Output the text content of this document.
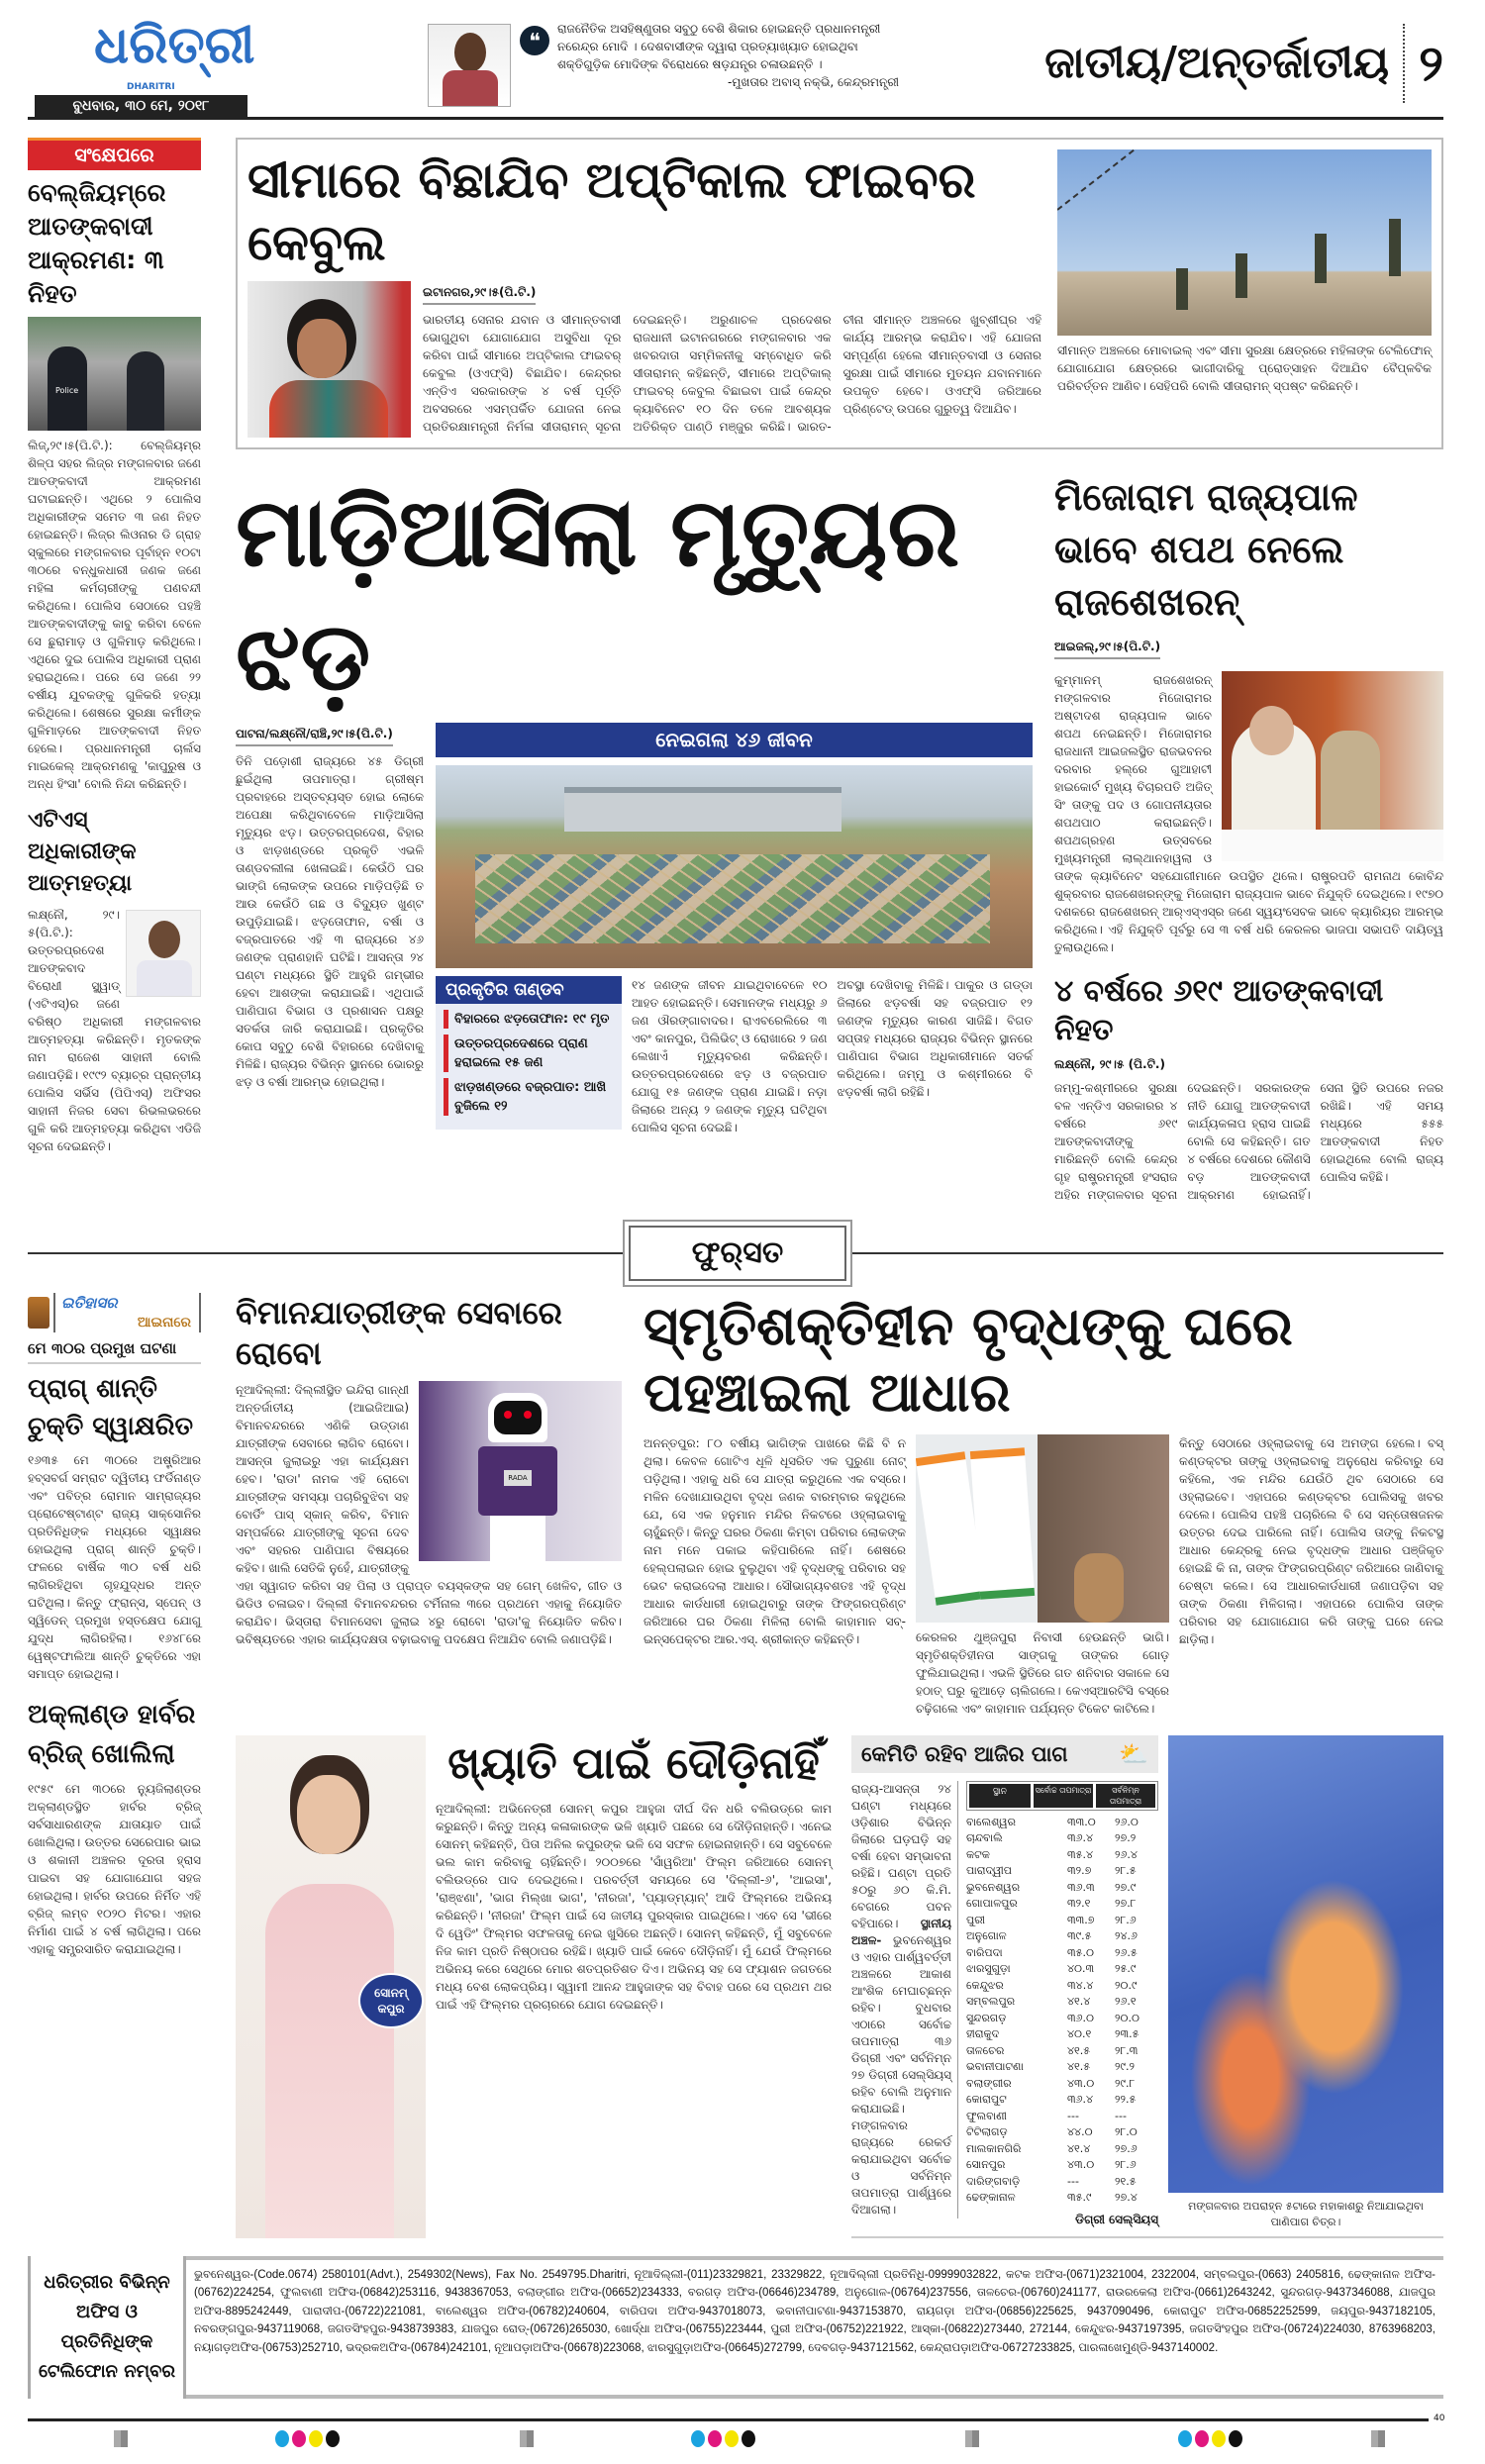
ଧରିତ୍ରୀ
DHARITRI
ବୁଧବାର, ୩୦ ମେ, ୨୦୧୮
❝
ରାଜନୈତିକ ଅସହିଷ୍ଣୁତାର ସବୁଠୁ ବେଶି ଶିକାର ହୋଇଛନ୍ତି ପ୍ରଧାନମନ୍ତ୍ରୀ ନରେନ୍ଦ୍ର ମୋଦି । ଦେଶବାସୀଙ୍କ ଦ୍ୱାରା ପ୍ରତ୍ୟାଖ୍ୟାତ ହୋଇଥିବା ଶକ୍ତିଗୁଡ଼ିକ ମୋଦିଙ୍କ ବିରୋଧରେ ଷଡ଼ଯନ୍ତ୍ର ଚଳାଉଛନ୍ତି ।
-ମୁଖତାର ଅବାସ୍ ନକ୍‌ଭି, କେନ୍ଦ୍ରମନ୍ତ୍ରୀ	ଜାତୀୟ/ଅନ୍ତର୍ଜାତୀୟ ୨
ସଂକ୍ଷେପରେ
ବେଲ୍‌ଜିୟମ୍‌ରେ ଆତଙ୍କବାଦୀ ଆକ୍ରମଣ: ୩ ନିହତ
Police
ଲିଜ୍‌,୨୯।୫(ପି.ଟି.): ବେଲ୍‌ଜିୟମ୍‌ର ଶିଳ୍ପ ସହର ଲିଜ୍‌ର ମଙ୍ଗଳବାର ଜଣେ ଆତଙ୍କବାଦୀ ଆକ୍ରମଣ ଘଟାଇଛନ୍ତି। ଏଥିରେ ୨ ପୋଲିସ ଅଧିକାରୀଙ୍କ ସମେତ ୩ ଜଣ ନିହତ ହୋଇଛନ୍ତି। ଲିଜ୍‌ର ଲିଓନାର ଡି ଗ୍ରାହ ସ୍କୁଲରେ ମଙ୍ଗଳବାର ପୂର୍ବାହ୍ନ ୧୦ଟା ୩୦ରେ ବନ୍ଧୁକଧାରୀ ଜଣକ ଜଣେ ମହିଳା କର୍ମଚାରୀଙ୍କୁ ପଣବନ୍ଦୀ କରିଥିଲେ। ପୋଲିସ ସେଠାରେ ପହଞ୍ଚି ଆତଙ୍କବାଦୀଙ୍କୁ କାବୁ କରିବା ବେଳେ ସେ ଛୁରାମାଡ଼ ଓ ଗୁଳିମାଡ଼ କରିଥିଲେ। ଏଥିରେ ଦୁଇ ପୋଲିସ ଅଧିକାରୀ ପ୍ରାଣ ହରାଇଥିଲେ। ପରେ ସେ ଜଣେ ୨୨ ବର୍ଷୀୟ ଯୁବକଙ୍କୁ ଗୁଳିକରି ହତ୍ୟା କରିଥିଲେ। ଶେଷରେ ସୁରକ୍ଷା କର୍ମୀଙ୍କ ଗୁଳିମାଡ଼ରେ ଆତଙ୍କବାଦୀ ନିହତ ହେଲେ। ପ୍ରଧାନମନ୍ତ୍ରୀ ଚାର୍ଲସ ମାଇକେଲ୍ ଆକ୍ରମଣକୁ 'କାପୁରୁଷ ଓ ଅନ୍ଧ ହିଂସା' ବୋଲି ନିନ୍ଦା କରିଛନ୍ତି।
ଏଟିଏସ୍ ଅଧିକାରୀଙ୍କ ଆତ୍ମହତ୍ୟା
ଲକ୍ଷ୍ନୌ, ୨୯।୫(ପି.ଟି.): ଉତ୍ତରପ୍ରଦେଶ ଆତଙ୍କବାଦ ବିରୋଧୀ ସ୍କ୍ୱାଡ୍ (ଏଟିଏସ୍)ର ଜଣେ ବରିଷ୍ଠ ଅଧିକାରୀ ମଙ୍ଗଳବାର ଆତ୍ମହତ୍ୟା କରିଛନ୍ତି। ମୃତକଙ୍କ ନାମ ରାଜେଶ ସାହାନୀ ବୋଲି ଜଣାପଡ଼ିଛି। ୧୯୯୨ ବ୍ୟାଚ୍‌ର ପ୍ରାନ୍ତୀୟ ପୋଲିସ ସର୍ଭିସ (ପିପିଏସ୍) ଅଫିସର ସାହାନୀ ନିଜର ସେବା ରିଭଲଭରରେ ଗୁଳି କରି ଆତ୍ମହତ୍ୟା କରିଥିବା ଏଡିଜି ସୂଚନା ଦେଇଛନ୍ତି।
ସୀମାରେ ବିଛାଯିବ ଅପ୍‌ଟିକାଲ ଫାଇବର କେବୁଲ
ଇଟାନଗର,୨୯।୫(ପି.ଟି.)
ଭାରତୀୟ ସେନାର ଯବାନ ଓ ସୀମାନ୍ତବାସୀ ଭୋଗୁଥିବା ଯୋଗାଯୋଗ ଅସୁବିଧା ଦୂର କରିବା ପାଇଁ ସୀମାରେ ଅପ୍ଟିକାଲ ଫାଇବର୍ କେବୁଲ (ଓଏଫ୍‌ସି) ବିଛାଯିବ। କେନ୍ଦ୍ରର ଏନ୍‌ଡିଏ ସରକାରଙ୍କ ୪ ବର୍ଷ ପୂର୍ତ୍ତି ଅବସରରେ ଏସମ୍ପର୍କିତ ଯୋଜନା ନେଇ ପ୍ରତିରକ୍ଷାମନ୍ତ୍ରୀ ନିର୍ମଳା ସୀତାରାମନ୍ ସୂଚନା ଦେଇଛନ୍ତି। ଅରୁଣାଚଳ ପ୍ରଦେଶର ରାଜଧାନୀ ଇଟାନଗରରେ ମଙ୍ଗଳବାର ଏକ ଖବରଦାତା ସମ୍ମିଳନୀକୁ ସମ୍ବୋଧିତ କରି ସୀତାରାମନ୍ କହିଛନ୍ତି, ସୀମାରେ ଅପ୍ଟିକାଲ୍ ଫାଇବର୍ କେବୁଲ ବିଛାଇବା ପାଇଁ କେନ୍ଦ୍ର କ୍ୟାବିନେଟ ୧୦ ଦିନ ତଳେ ଆବଶ୍ୟକ ଅତିରିକ୍ତ ପାଣ୍ଠି ମଞ୍ଜୁର କରିଛି। ଭାରତ-ଚୀନା ସୀମାନ୍ତ ଅଞ୍ଚଳରେ ଖୁବ୍‌ଶୀଘ୍ର ଏହି କାର୍ଯ୍ୟ ଆରମ୍ଭ କରାଯିବ। ଏହି ଯୋଜନା ସମ୍ପୂର୍ଣ୍ଣ ହେଲେ ସୀମାନ୍ତବାସୀ ଓ ସେନାର ସୁରକ୍ଷା ପାଇଁ ସୀମାରେ ମୁତୟନ ଯବାନମାନେ ଉପକୃତ ହେବେ। ଓଏଫ୍‌ସି ଜରିଆରେ ପ୍ରିଣ୍ଟେଡ୍ ଉପରେ ଗୁରୁତ୍ୱ ଦିଆଯିବ।
ସୀମାନ୍ତ ଅଞ୍ଚଳରେ ମୋବାଇଲ୍ ଏବଂ ସୀମା ସୁରକ୍ଷା କ୍ଷେତ୍ରରେ ମହିଳାଙ୍କ ଟେଲିଫୋନ୍ ଯୋଗାଯୋଗ କ୍ଷେତ୍ରରେ ଭାଗୀଦାରିକୁ ପ୍ରୋତ୍ସାହନ ଦିଆଯିବ ବୈପ୍ଳବିକ ପରିବର୍ତ୍ତନ ଆଣିବ। ସେହିପରି ବୋଲି ସୀତାରାମନ୍ ସ୍ପଷ୍ଟ କରିଛନ୍ତି।
ମାଡ଼ିଆସିଲା ମୃତ୍ୟୁର ଝଡ଼
ପାଟନା/ଲକ୍ଷ୍ନୌ/ରାଞ୍ଚି,୨୯।୫(ପି.ଟି.)
ତିନି ପଡ଼ୋଶୀ ରାଜ୍ୟରେ ୪୫ ଡିଗ୍ରୀ ଛୁଇଁଥିଲା ତାପମାତ୍ରା। ଗ୍ରୀଷ୍ମ ପ୍ରବାହରେ ଅସ୍ତବ୍ୟସ୍ତ ହୋଇ ଲୋକେ ଅପେକ୍ଷା କରିଥିବାବେଳେ ମାଡ଼ିଆସିଲା ମୃତ୍ୟୁର ଝଡ଼। ଉତ୍ତରପ୍ରଦେଶ, ବିହାର ଓ ଝାଡ଼ଖଣ୍ଡରେ ପ୍ରକୃତି ଏଭଳି ତାଣ୍ଡବଲୀଳା ଖେଳାଇଛି। କେଉଁଠି ଘର ଭାଙ୍ଗି ଲୋକଙ୍କ ଉପରେ ମାଡ଼ିପଡ଼ିଛି ତ ଆଉ କେଉଁଠି ଗଛ ଓ ବିଦ୍ୟୁତ ଖୁଣ୍ଟ ଉପୁଡ଼ିଯାଇଛି। ଝଡ଼ତୋଫାନ, ବର୍ଷା ଓ ବଜ୍ରପାତରେ ଏହି ୩ ରାଜ୍ୟରେ ୪୬ ଜଣଙ୍କ ପ୍ରାଣହାନି ଘଟିଛି। ଆସନ୍ତା ୨୪ ଘଣ୍ଟା ମଧ୍ୟରେ ସ୍ଥିତି ଆହୁରି ଗମ୍ଭୀର ହେବା ଆଶଙ୍କା କରାଯାଇଛି। ଏଥିପାଇଁ ପାଣିପାଗ ବିଭାଗ ଓ ପ୍ରଶାସନ ପକ୍ଷରୁ ସତର୍କତା ଜାରି କରାଯାଇଛି। ପ୍ରକୃତିର କୋପ ସବୁଠୁ ବେଶି ବିହାରରେ ଦେଖିବାକୁ ମିଳିଛି। ରାଜ୍ୟର ବିଭିନ୍ନ ସ୍ଥାନରେ ଭୋରରୁ ଝଡ଼ ଓ ବର୍ଷା ଆରମ୍ଭ ହୋଇଥିଲା।
ନେଇଗଲା ୪୬ ଜୀବନ
ପ୍ରକୃତିର ତାଣ୍ଡବ
ବିହାରରେ ଝଡ଼ତୋଫାନ: ୧୯ ମୃତ
ଉତ୍ତରପ୍ରଦେଶରେ ପ୍ରାଣ ହରାଇଲେ ୧୫ ଜଣ
ଝାଡ଼ଖଣ୍ଡରେ ବଜ୍ରପାତ: ଆଖି ବୁଜିଲେ ୧୨
୧୪ ଜଣଙ୍କ ଜୀବନ ଯାଇଥିବାବେଳେ ୧୦ ଆହତ ହୋଇଛନ୍ତି। ସେମାନଙ୍କ ମଧ୍ୟରୁ ୬ ଜଣ ଔରଙ୍ଗାବାଦର। ରାଏବରେଲିରେ ୩ ଏବଂ କାନପୁର, ପିଲିଭିଟ୍ ଓ ରୋଖାରେ ୨ ଜଣ ଲେଖାଏଁ ମୃତ୍ୟୁବରଣ କରିଛନ୍ତି। ଉତ୍ତରପ୍ରଦେଶରେ ଝଡ଼ ଓ ବଜ୍ରପାତ ଯୋଗୁ ୧୫ ଜଣଙ୍କ ପ୍ରାଣ ଯାଇଛି। ନଡ଼ା ଜିଲାରେ ଅନ୍ୟ ୨ ଜଣଙ୍କ ମୃତ୍ୟୁ ଘଟିଥିବା ପୋଲିସ ସୂଚନା ଦେଇଛି।
ଅବସ୍ଥା ଦେଖିବାକୁ ମିଳିଛି। ପାକୁର ଓ ଗଡ୍ଡା ଜିଲାରେ ଝଡ଼ବର୍ଷା ସହ ବଜ୍ରପାତ ୧୨ ଜଣଙ୍କ ମୃତ୍ୟୁର କାରଣ ସାଜିଛି। ବିଗତ ସପ୍ତାହ ମଧ୍ୟରେ ରାଜ୍ୟର ବିଭିନ୍ନ ସ୍ଥାନରେ ପାଣିପାଗ ବିଭାଗ ଅଧିକାରୀମାନେ ସତର୍କ କରିଥିଲେ। ଜମ୍ମୁ ଓ କଶ୍ମୀରରେ ବି ଝଡ଼ବର୍ଷା ଲାଗି ରହିଛି।
ମିଜୋରାମ ରାଜ୍ୟପାଳ ଭାବେ ଶପଥ ନେଲେ ରାଜଶେଖରନ୍
ଆଇଜଲ୍,୨୯।୫(ପି.ଟି.)
କୁମ୍ମାନମ୍ ରାଜଶେଖରନ୍ ମଙ୍ଗଳବାର ମିଜୋରାମର ଅଷ୍ଟାଦଶ ରାଜ୍ୟପାଳ ଭାବେ ଶପଥ ନେଇଛନ୍ତି। ମିଜୋରାମର ରାଜଧାନୀ ଆଇଜଲସ୍ଥିତ ରାଜଭବନର ଦରବାର ହଲ୍‌ରେ ଗୁଆହାଟୀ ହାଇକୋର୍ଟ ମୁଖ୍ୟ ବିଚାରପତି ଅଜିତ୍ ସିଂ ତାଙ୍କୁ ପଦ ଓ ଗୋପନୀୟତାର ଶପଥପାଠ କରାଇଛନ୍ତି। ଶପଥଗ୍ରହଣ ଉତ୍ସବରେ ମୁଖ୍ୟମନ୍ତ୍ରୀ ଲାଲ୍‌ଥାନହାୱଲା ଓ ତାଙ୍କ କ୍ୟାବିନେଟ ସହଯୋଗୀମାନେ ଉପସ୍ଥିତ ଥିଲେ। ରାଷ୍ଟ୍ରପତି ରାମନାଥ କୋବିନ୍ଦ ଶୁକ୍ରବାର ରାଜଶେଖରନ୍‌ଙ୍କୁ ମିଜୋରାମ ରାଜ୍ୟପାଳ ଭାବେ ନିଯୁକ୍ତି ଦେଇଥିଲେ। ୧୯୭୦ ଦଶକରେ ରାଜଶେଖରନ୍ ଆର୍‌ଏସ୍‌ଏସ୍‌ର ଜଣେ ସ୍ୱୟଂସେବକ ଭାବେ କ୍ୟାରିୟର ଆରମ୍ଭ କରିଥିଲେ। ଏହି ନିଯୁକ୍ତି ପୂର୍ବରୁ ସେ ୩ ବର୍ଷ ଧରି କେରଳର ଭାଜପା ସଭାପତି ଦାୟିତ୍ୱ ତୁଲାଉଥିଲେ।
୪ ବର୍ଷରେ ୬୧୯ ଆତଙ୍କବାଦୀ ନିହତ
ଲକ୍ଷ୍ନୌ, ୨୯।୫ (ପି.ଟି.)
ଜମ୍ମୁ-କଶ୍ମୀରରେ ସୁରକ୍ଷା ବଳ ଏନ୍‌ଡିଏ ସରକାରର ୪ ବର୍ଷରେ ୬୧୯ ଆତଙ୍କବାଦୀଙ୍କୁ ମାରିଛନ୍ତି ବୋଲି କେନ୍ଦ୍ର ଗୃହ ରାଷ୍ଟ୍ରମନ୍ତ୍ରୀ ହଂସରାଜ ଅହିର ମଙ୍ଗଳବାର ସୂଚନା ଦେଇଛନ୍ତି। ସରକାରଙ୍କ ନୀତି ଯୋଗୁ ଆତଙ୍କବାଦୀ କାର୍ଯ୍ୟକଳାପ ହ୍ରାସ ପାଇଛି ବୋଲି ସେ କହିଛନ୍ତି। ଗତ ୪ ବର୍ଷରେ ଦେଶରେ କୌଣସି ବଡ଼ ଆତଙ୍କବାଦୀ ଆକ୍ରମଣ ହୋଇନାହିଁ। ସେନା ସ୍ଥିତି ଉପରେ ନଜର ରଖିଛି। ଏହି ସମୟ ମଧ୍ୟରେ ୫୫୫ ଆତଙ୍କବାଦୀ ନିହତ ହୋଇଥିଲେ ବୋଲି ରାଜ୍ୟ ପୋଲିସ କହିଛି।
ଫୁର୍‌ସତ
ଇତିହାସର
ଆଇନାରେ
ମେ ୩୦ର ପ୍ରମୁଖ ଘଟଣା
ପ୍ରାଗ୍ ଶାନ୍ତି ଚୁକ୍ତି ସ୍ୱାକ୍ଷରିତ
୧୬୩୫ ମେ ୩୦ରେ ଅଷ୍ଟ୍ରିଆର ହବ୍‌ସବର୍ଗ ସମ୍ରାଟ ଦ୍ୱିତୀୟ ଫର୍ଡିନାଣ୍ଡ ଏବଂ ପବିତ୍ର ରୋମାନ ସାମ୍ରାଜ୍ୟର ପ୍ରୋଟେଷ୍ଟାଣ୍ଟ ରାଜ୍ୟ ସାକ୍ସୋନିର ପ୍ରତିନିଧିଙ୍କ ମଧ୍ୟରେ ସ୍ୱାକ୍ଷର ହୋଇଥିଲା ପ୍ରାଗ୍ ଶାନ୍ତି ଚୁକ୍ତି। ଫଳରେ ବାର୍ଷିକ ୩୦ ବର୍ଷ ଧରି ଲାଗିରହିଥିବା ଗୃହଯୁଦ୍ଧର ଅନ୍ତ ଘଟିଥିଲା। କିନ୍ତୁ ଫ୍ରାନ୍ସ, ସ୍ପେନ୍ ଓ ସ୍ୱିଡେନ୍ ପ୍ରମୁଖ ହସ୍ତକ୍ଷେପ ଯୋଗୁ ଯୁଦ୍ଧ ଲାଗିରହିଲା। ୧୬୪୮ରେ ୱେଷ୍ଟଫାଲିଆ ଶାନ୍ତି ଚୁକ୍ତିରେ ଏହା ସମାପ୍ତ ହୋଇଥିଲା।
ଅକ୍ଲାଣ୍ଡ ହାର୍ବର ବ୍ରିଜ୍ ଖୋଲିଲା
୧୯୫୯ ମେ ୩୦ରେ ନ୍ୟୁଜିଲାଣ୍ଡର ଅକ୍ଲାଣ୍ଡସ୍ଥିତ ହାର୍ବର ବ୍ରିଜ୍ ସର୍ବସାଧାରଣଙ୍କ ଯାତାୟାତ ପାଇଁ ଖୋଲିଥିଲା। ଉତ୍ତର ସେରେପାର ଭାଇ ଓ ଶକାନୀ ଅଞ୍ଚଳର ଦୂରତା ହ୍ରାସ ପାଇବା ସହ ଯୋଗାଯୋଗ ସହଜ ହୋଇଥିଲା। ହାର୍ବର ଉପରେ ନିର୍ମିତ ଏହି ବ୍ରିଜ୍ ଲମ୍ବ ୧୦୨୦ ମିଟର। ଏହାର ନିର୍ମାଣ ପାଇଁ ୪ ବର୍ଷ ଲାଗିଥିଲା। ପରେ ଏହାକୁ ସମ୍ପ୍ରସାରିତ କରାଯାଇଥିଲା।
ବିମାନଯାତ୍ରୀଙ୍କ ସେବାରେ ରୋବୋ
RADA
ନୂଆଦିଲ୍ଲୀ: ଦିଲ୍ଲୀସ୍ଥିତ ଇନ୍ଦିରା ଗାନ୍ଧୀ ଅନ୍ତର୍ଜାତୀୟ (ଆଇଜିଆଇ) ବିମାନବନ୍ଦରରେ ଏଣିକି ଉଡ୍ଡାଣ ଯାତ୍ରୀଙ୍କ ସେବାରେ ଲାଗିବ ରୋବୋ। ଆସନ୍ତା ଜୁଲାଇରୁ ଏହା କାର୍ଯ୍ୟକ୍ଷମ ହେବ। 'ରାଡା' ନାମକ ଏହି ରୋବୋ ଯାତ୍ରୀଙ୍କ ସମସ୍ୟା ପଚାରିବୁଝିବା ସହ ବୋର୍ଡିଂ ପାସ୍ ସ୍କାନ୍ କରିବ, ବିମାନ ସମ୍ପର୍କରେ ଯାତ୍ରୀଙ୍କୁ ସୂଚନା ଦେବ ଏବଂ ସହରର ପାଣିପାଗ ବିଷୟରେ କହିବ। ଖାଲି ସେତିକି ନୁହେଁ, ଯାତ୍ରୀଙ୍କୁ ଏହା ସ୍ୱାଗତ କରିବା ସହ ପିଲା ଓ ପ୍ରାପ୍ତ ବୟସ୍କଙ୍କ ସହ ଗେମ୍ ଖେଳିବ, ଗୀତ ଓ ଭିଡିଓ ଚଳାଇବ। ଦିଲ୍ଲୀ ବିମାନବନ୍ଦରର ଟର୍ମିନାଲ ୩ରେ ପ୍ରଥମେ ଏହାକୁ ନିୟୋଜିତ କରାଯିବ। ଭିସ୍ତାରା ବିମାନସେବା ଜୁଲାଇ ୪ରୁ ରୋବୋ 'ରାଡା'କୁ ନିୟୋଜିତ କରିବ। ଭବିଷ୍ୟତରେ ଏହାର କାର୍ଯ୍ୟଦକ୍ଷତା ବଢ଼ାଇବାକୁ ପଦକ୍ଷେପ ନିଆଯିବ ବୋଲି ଜଣାପଡ଼ିଛି।
ସ୍ମୃତିଶକ୍ତିହୀନ ବୃଦ୍ଧଙ୍କୁ ଘରେ ପହଞ୍ଚାଇଲା ଆଧାର
ଅନନ୍ତପୁର: ୮୦ ବର୍ଷୀୟ ଭାଗିଙ୍କ ପାଖରେ କିଛି ବି ନ ଥିଲା। କେବଳ ଗୋଟିଏ ଧୂଳି ଧୂସରିତ ଏକ ପୁରୁଣା ନୋଟ୍ ପଡ଼ିଥିଲା। ଏହାକୁ ଧରି ସେ ଯାତ୍ରା କରୁଥିଲେ ଏକ ବସ୍‌ରେ। ମଳିନ ଦେଖାଯାଉଥିବା ବୃଦ୍ଧ ଜଣକ ବାରମ୍ବାର କହୁଥିଲେ ଯେ, ସେ ଏକ ହନୁମାନ ମନ୍ଦିର ନିକଟରେ ଓହ୍ଲାଇବାକୁ ଚାହୁଁଛନ୍ତି। କିନ୍ତୁ ଘରର ଠିକଣା କିମ୍ବା ପରିବାର ଲୋକଙ୍କ ନାମ ମନେ ପକାଇ କହିପାରିଲେ ନାହିଁ। ଶେଷରେ ହେଲ୍ପଲାଇନ ହୋଇ ବୁଲୁଥିବା ଏହି ବୃଦ୍ଧଙ୍କୁ ପରିବାର ସହ ଭେଟ କରାଇଦେଲା ଆଧାର। ସୌଭାଗ୍ୟବଶତଃ ଏହି ବୃଦ୍ଧ ଆଧାର କାର୍ଡଧାରୀ ହୋଇଥିବାରୁ ତାଙ୍କ ଫିଙ୍ଗରପ୍ରିଣ୍ଟ ଜରିଆରେ ଘର ଠିକଣା ମିଳିଲା ବୋଲି କାହାମାନ ସବ୍-ଇନ୍‌ସପେକ୍ଟର ଆର.ଏସ୍. ଶ୍ରୀକାନ୍ତ କହିଛନ୍ତି।	କେରଳର ଥୁଞ୍ଜପୁରା ନିବାସୀ ହେଉଛନ୍ତି ଭାଗି। ସ୍ମୃତିଶକ୍ତିହୀନତା ସାଙ୍ଗକୁ ତାଙ୍କର ଗୋଡ଼ ଫୁଲିଯାଇଥିଲା। ଏଭଳି ସ୍ଥିତିରେ ଗତ ଶନିବାର ସକାଳେ ସେ ହଠାତ୍ ଘରୁ କୁଆଡ଼େ ଚାଲିଗଲେ। କେଏସ୍ଆରଟିସି ବସ୍‌ରେ ଚଢ଼ିଗଲେ ଏବଂ କାହାମାନ ପର୍ଯ୍ୟନ୍ତ ଟିକେଟ କାଟିଲେ।
କିନ୍ତୁ ସେଠାରେ ଓହ୍ଲାଇବାକୁ ସେ ଅମଙ୍ଗ ହେଲେ। ବସ୍ କଣ୍ଡକ୍ଟର ତାଙ୍କୁ ଓହ୍ଲାଇବାକୁ ଅନୁରୋଧ କରିବାରୁ ସେ କହିଲେ, ଏକ ମନ୍ଦିର ଯେଉଁଠି ଥିବ ସେଠାରେ ସେ ଓହ୍ଲାଇବେ। ଏହାପରେ କଣ୍ଡକ୍ଟର ପୋଲିସକୁ ଖବର ଦେଲେ। ପୋଲିସ ପହଞ୍ଚି ପଚାରିଲେ ବି ସେ ସନ୍ତୋଷଜନକ ଉତ୍ତର ଦେଇ ପାରିଲେ ନାହିଁ। ପୋଲିସ ତାଙ୍କୁ ନିକଟସ୍ଥ ଆଧାର କେନ୍ଦ୍ରକୁ ନେଇ ବୃଦ୍ଧଙ୍କ ଆଧାର ପଞ୍ଜିକୃତ ହୋଇଛି କି ନା, ତାଙ୍କ ଫିଙ୍ଗରପ୍ରିଣ୍ଟ ଜରିଆରେ ଜାଣିବାକୁ ଚେଷ୍ଟା କଲେ। ସେ ଆଧାରକାର୍ଡଧାରୀ ଜଣାପଡ଼ିବା ସହ ତାଙ୍କ ଠିକଣା ମିଳିଗଲା। ଏହାପରେ ପୋଲିସ ତାଙ୍କ ପରିବାର ସହ ଯୋଗାଯୋଗ କରି ତାଙ୍କୁ ଘରେ ନେଇ ଛାଡ଼ିଲା।
ସୋନମ୍ କପୁର
ଖ୍ୟାତି ପାଇଁ ଦୌଡ଼ିନାହିଁ
ନୂଆଦିଲ୍ଲୀ: ଅଭିନେତ୍ରୀ ସୋନମ୍ କପୁର ଆହୁଜା ଦୀର୍ଘ ଦିନ ଧରି ବଲିଉଡ୍‌ରେ କାମ କରୁଛନ୍ତି। କିନ୍ତୁ ଅନ୍ୟ କଳାକାରଙ୍କ ଭଳି ଖ୍ୟାତି ପଛରେ ସେ ଦୌଡ଼ିନାହାନ୍ତି। ଏନେଇ ସୋନମ୍ କହିଛନ୍ତି, ପିତା ଅନିଲ କପୁରଙ୍କ ଭଳି ସେ ସଫଳ ହୋଇନାହାନ୍ତି। ସେ ସବୁବେଳେ ଭଲ କାମ କରିବାକୁ ଚାହିଁଛନ୍ତି। ୨୦୦୭ରେ 'ସାଁୱରିଆ' ଫିଲ୍ମ ଜରିଆରେ ସୋନମ୍ ବଲିଉଡ୍‌ରେ ପାଦ ଦେଇଥିଲେ। ପରବର୍ତ୍ତୀ ସମୟରେ ସେ 'ଦିଲ୍ଲୀ-୬', 'ଆଇସା', 'ରାଞ୍ଝଣା', 'ଭାଗ ମିଲ୍‌ଖା ଭାଗ', 'ନୀରଜା', 'ପ୍ୟାଡ୍‌ମ୍ୟାନ୍' ଆଦି ଫିଲ୍ମରେ ଅଭିନୟ କରିଛନ୍ତି। 'ନୀରଜା' ଫିଲ୍ମ ପାଇଁ ସେ ଜାତୀୟ ପୁରସ୍କାର ପାଇଥିଲେ। ଏବେ ସେ 'ଭୀରେ ଦି ୱେଡିଂ' ଫିଲ୍ମର ସଫଳତାକୁ ନେଇ ଖୁସିରେ ଅଛନ୍ତି। ସୋନମ୍ କହିଛନ୍ତି, ମୁଁ ସବୁବେଳେ ନିଜ କାମ ପ୍ରତି ନିଷ୍ଠାପର ରହିଛି। ଖ୍ୟାତି ପାଇଁ କେବେ ଦୌଡ଼ିନାହିଁ। ମୁଁ ଯେଉଁ ଫିଲ୍ମରେ ଅଭିନୟ କରେ ସେଥିରେ ମୋର ଶତପ୍ରତିଶତ ଦିଏ। ଅଭିନୟ ସହ ସେ ଫ୍ୟାଶନ ଜଗତରେ ମଧ୍ୟ ବେଶ ଲୋକପ୍ରିୟ। ସ୍ୱାମୀ ଆନନ୍ଦ ଆହୁଜାଙ୍କ ସହ ବିବାହ ପରେ ସେ ପ୍ରଥମ ଥର ପାଇଁ ଏହି ଫିଲ୍ମର ପ୍ରଚାରରେ ଯୋଗ ଦେଇଛନ୍ତି।
କେମିତି ରହିବ ଆଜିର ପାଗ	⛅
ରାଜ୍ୟ-ଆସନ୍ତା ୨୪ ଘଣ୍ଟା ମଧ୍ୟରେ ଓଡ଼ିଶାର ବିଭିନ୍ନ ଜିଲାରେ ଘଡ଼ଘଡ଼ି ସହ ବର୍ଷା ହେବା ସମ୍ଭାବନା ରହିଛି। ଘଣ୍ଟା ପ୍ରତି ୫୦ରୁ ୬୦ କି.ମି. ବେଗରେ ପବନ ବହିପାରେ। ସ୍ଥାନୀୟ ଅଞ୍ଚଳ- ଭୁବନେଶ୍ୱର ଓ ଏହାର ପାର୍ଶ୍ୱବର୍ତ୍ତୀ ଅଞ୍ଚଳରେ ଆକାଶ ଆଂଶିକ ମେଘାଚ୍ଛନ୍ନ ରହିବ। ବୁଧବାର ଏଠାରେ ସର୍ବୋଚ୍ଚ ତାପମାତ୍ରା ୩୬ ଡିଗ୍ରୀ ଏବଂ ସର୍ବନିମ୍ନ ୨୭ ଡିଗ୍ରୀ ସେଲ୍‌ସିୟସ୍ ରହିବ ବୋଲି ଅନୁମାନ କରାଯାଇଛି। ମଙ୍ଗଳବାର ରାଜ୍ୟରେ ରେକର୍ଡ କରାଯାଇଥିବା ସର୍ବୋଚ୍ଚ ଓ ସର୍ବନିମ୍ନ ତାପମାତ୍ରା ପାର୍ଶ୍ୱରେ ଦିଆଗଲା।
ସ୍ଥାନ	ସର୍ବୋଚ୍ଚ ତାପମାତ୍ରା	ସର୍ବନିମ୍ନ ତାପମାତ୍ରା
ବାଲେଶ୍ୱର	୩୩.୦	୨୬.୦
ଚାନ୍ଦବାଲି	୩୬.୪	୨୭.୨
କଟକ	୩୫.୪	୨୬.୪
ପାରାଦ୍ୱୀପ	୩୨.୭	୨୮.୫
ଭୁବନେଶ୍ୱର	୩୬.୩	୨୭.୯
ଗୋପାଳପୁର	୩୨.୧	୨୭.୮
ପୁରୀ	୩୩.୭	୨୮.୬
ଅନୁଗୋଳ	୩୯.୫	୨୪.୬
ବାରିପଦା	୩୫.୦	୨୬.୫
ଝାରସୁଗୁଡ଼ା	୪୦.୩	୨୫.୯
କେନ୍ଦୁଝର	୩୪.୪	୨୦.୯
ସମ୍ବଲପୁର	୪୧.୪	୨୬.୧
ସୁନ୍ଦରଗଡ଼	୩୬.୦	୨୦.୦
ହୀରାକୁଦ	୪୦.୧	୨୩.୫
ତାଳଚେର	୪୧.୫	୨୮.୩
ଭବାନୀପାଟଣା	୪୧.୫	୨୯.୨
ବଲାଙ୍ଗୀର	୪୩.୦	୨୯.୮
କୋରାପୁଟ	୩୬.୪	୨୨.୫
ଫୁଲବାଣୀ	---	---
ଟିଟିଲାଗଡ଼	୪୪.୦	୨୮.୦
ମାଲକାନଗିରି	୪୧.୪	୨୭.୬
ସୋନପୁର	୪୩.୦	୨୮.୬
ଦାରିଙ୍ଗବାଡ଼ି	---	୨୧.୫
ଢେଙ୍କାନାଳ	୩୫.୯	୨୭.୪
ଡିଗ୍ରୀ ସେଲ୍‌ସିୟସ୍
ମଙ୍ଗଳବାର ଅପରାହ୍ନ ୫ଟାରେ ମହାକାଶରୁ ନିଆଯାଇଥିବା ପାଣିପାଗ ଚିତ୍ର।
ଧରିତ୍ରୀର ବିଭିନ୍ନ ଅଫିସ ଓ ପ୍ରତିନିଧିଙ୍କ ଟେଲିଫୋନ ନମ୍ବର
ଭୁବନେଶ୍ୱର-(Code.0674) 2580101(Advt.), 2549302(News), Fax No. 2549795.Dharitri, ନୂଆଦିଲ୍ଲୀ-(011)23329821, 23329822, ନୂଆଦିଲ୍ଲୀ ପ୍ରତିନିଧି-09999032822, କଟକ ଅଫିସ-(0671)2321004, 2322004, ସମ୍ବଲପୁର-(0663) 2405816, ଢେଙ୍କାନାଳ ଅଫିସ-(06762)224254, ଫୁଲବାଣୀ ଅଫିସ-(06842)253116, 9438367053, ବଲାଙ୍ଗୀର ଅଫିସ-(06652)234333, ବରଗଡ଼ ଅଫିସ-(06646)234789, ଅନୁଗୋଳ-(06764)237556, ତାଳଚେର-(06760)241177, ରାଉରକେଲା ଅଫିସ-(0661)2643242, ସୁନ୍ଦରଗଡ଼-9437346088, ଯାଜପୁର ଅଫିସ-8895242449, ପାରାଦୀପ-(06722)221081, ବାଲେଶ୍ୱର ଅଫିସ-(06782)240604, ବାରିପଦା ଅଫିସ-9437018073, ଭବାନୀପାଟଣା-9437153870, ରାୟଗଡ଼ା ଅଫିସ-(06856)225625, 9437090496, କୋରାପୁଟ ଅଫିସ-06852252599, ଜୟପୁର-9437182105, ନବରଙ୍ଗପୁର-9437119068, ଜଗତସିଂହପୁର-9438739383, ଯାଜପୁର ରୋଡ୍-(06726)265030, ଖୋର୍ଦ୍ଧା ଅଫିସ-(06755)223444, ପୁରୀ ଅଫିସ-(06752)221922, ଆସ୍କା-(06822)273440, 272144, କେନ୍ଦୁଝର-9437197395, ଜଗତସିଂହପୁର ଅଫିସ-(06724)224030, 8763968203, ନୟାଗଡ଼ଅଫିସ-(06753)252710, ଭଦ୍ରକଅଫିସ-(06784)242101, ନୂଆପଡ଼ାଅଫିସ-(06678)223068, ଝାରସୁଗୁଡ଼ାଅଫିସ-(06645)272799, ଦେବଗଡ଼-9437121562, କେନ୍ଦ୍ରାପଡ଼ାଅଫିସ-06727233825, ପାରଳାଖେମୁଣ୍ଡି-9437140002.
40
